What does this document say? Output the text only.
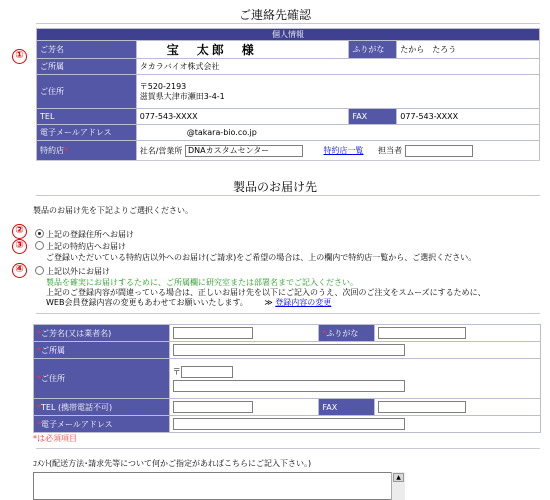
ご連絡先確認
①
個人情報			
ご芳名	宝　太郎　様	ふりがな	たから　たろう
ご所属	タカラバイオ株式会社		
ご住所	〒520-2193
滋賀県大津市瀬田3-4-1		

TEL	077-543-XXXX	FAX	077-543-XXXX
電子メールアドレス	@takara-bio.co.jp		
特約店*	社名/営業所 DNAカスタムセンター 特約店一覧 担当者		
製品のお届け先
製品のお届け先を下記よりご選択ください。
②	上記の登録住所へお届け
③	上記の特約店へお届け
ご登録いただいている特約店以外へのお届け(ご請求)をご希望の場合は、上の欄内で特約店一覧から、ご選択ください。
④	上記以外にお届け
製品を確実にお届けするために、ご所属欄に研究室または部署名までご記入ください。
上記のご登録内容が間違っている場合は、正しいお届け先を以下にご記入のうえ、次回のご注文をスムーズにするために、
WEB会員登録内容の変更もあわせてお願いいたします。 ≫ 登録内容の変更
*ご芳名(又は業者名)		*ふりがな	
*ご所属			
*ご住所	〒		

*TEL (携帯電話不可)		FAX	
*電子メールアドレス			
*は必須項目
ｺﾒﾝﾄ(配送方法･請求先等について何かご指定があればこちらにご記入下さい。)
▲
